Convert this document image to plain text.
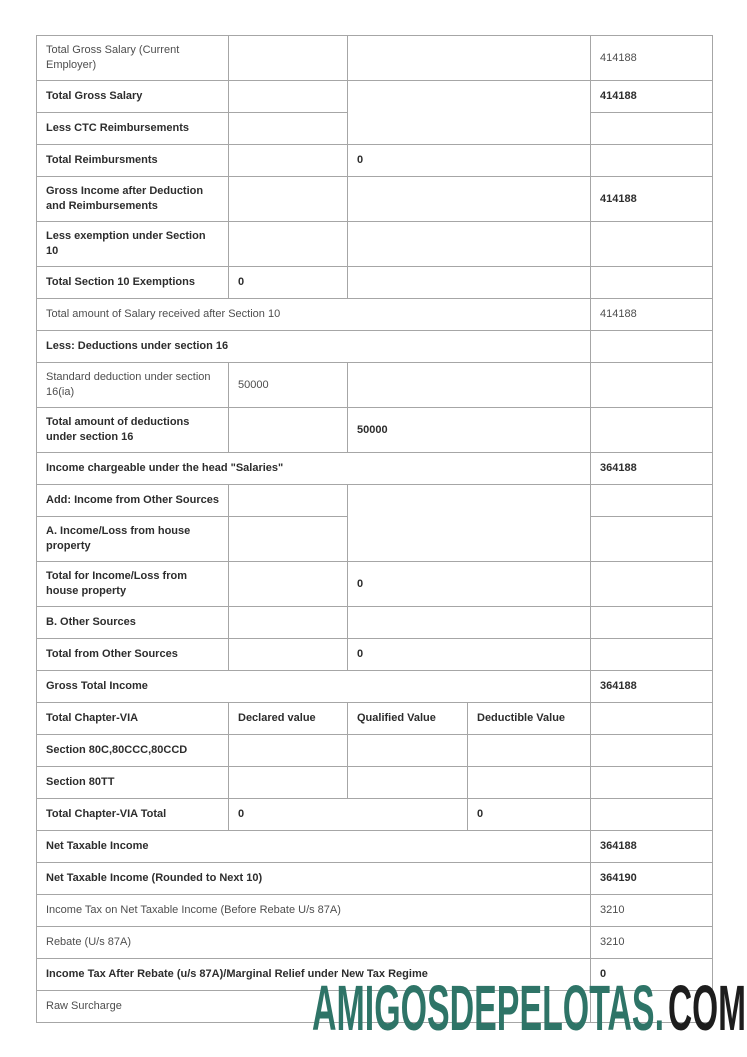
Total Gross Salary (Current Employer)				414188
Total Gross Salary				414188
Less CTC Reimbursements				
Total Reimbursments		0		
Gross Income after Deduction and Reimbursements				414188
Less exemption under Section 10				
Total Section 10 Exemptions	0			
Total amount of Salary received after Section 10				414188
Less: Deductions under section 16				
Standard deduction under section 16(ia)	50000			
Total amount of deductions under section 16		50000		
Income chargeable under the head "Salaries"				364188
Add: Income from Other Sources				
A. Income/Loss from house property				
Total for Income/Loss from house property		0		
B. Other Sources				
Total from Other Sources		0		
Gross Total Income				364188
Total Chapter-VIA	Declared value	Qualified Value	Deductible Value	
Section 80C,80CCC,80CCD				
Section 80TT				
Total Chapter-VIA Total	0		0	
Net Taxable Income				364188
Net Taxable Income (Rounded to Next 10)				364190
Income Tax on Net Taxable Income (Before Rebate U/s 87A)				3210
Rebate (U/s 87A)				3210
Income Tax After Rebate (u/s 87A)/Marginal Relief under New Tax Regime				0
Raw Surcharge					AMIGOSDEPELOTAS. COM
